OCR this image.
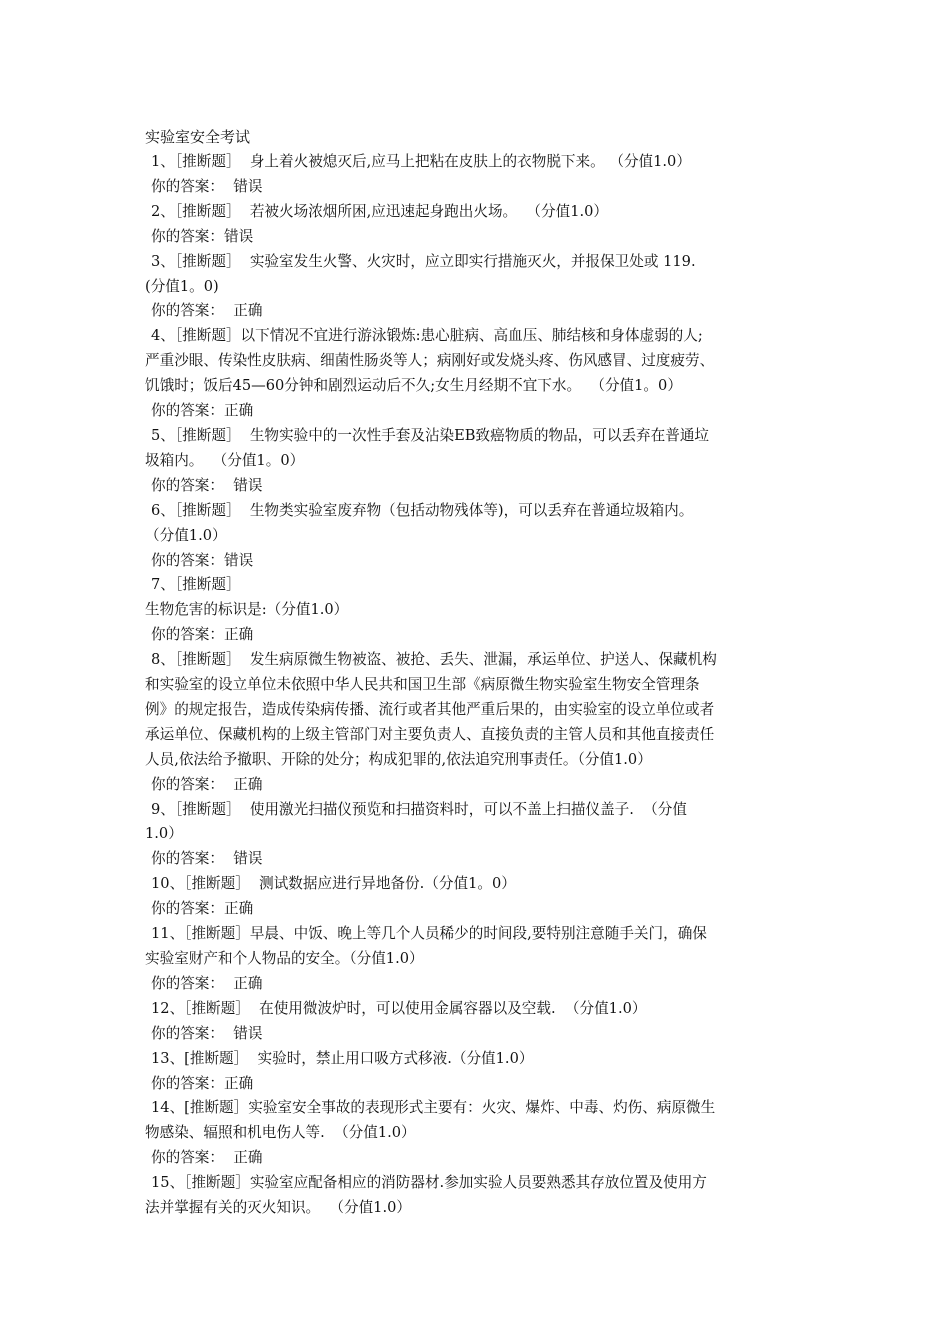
实验室安全考试

1、［推断题］  身上着火被熄灭后,应马上把粘在皮肤上的衣物脱下来。 （分值1.0）

你的答案：  错误

2、［推断题］  若被火场浓烟所困,应迅速起身跑出火场。  （分值1.0）

你的答案：错误

3、［推断题］  实验室发生火警、火灾时，应立即实行措施灭火，并报保卫处或 119.

(分值1。0)

你的答案：  正确

4、［推断题］以下情况不宜进行游泳锻炼:患心脏病、高血压、肺结核和身体虚弱的人;

严重沙眼、传染性皮肤病、细菌性肠炎等人；病刚好或发烧头疼、伤风感冒、过度疲劳、

饥饿时；饭后45—60分钟和剧烈运动后不久;女生月经期不宜下水。  （分值1。0）

你的答案：正确

5、［推断题］  生物实验中的一次性手套及沾染EB致癌物质的物品，可以丢弃在普通垃

圾箱内。  （分值1。0）

你的答案：  错误

6、［推断题］  生物类实验室废弃物（包括动物残体等)，可以丢弃在普通垃圾箱内。

（分值1.0）

你的答案：错误

7、［推断题］

生物危害的标识是:（分值1.0）

你的答案：正确

8、［推断题］  发生病原微生物被盗、被抢、丢失、泄漏，承运单位、护送人、保藏机构

和实验室的设立单位未依照中华人民共和国卫生部《病原微生物实验室生物安全管理条

例》的规定报告，造成传染病传播、流行或者其他严重后果的，由实验室的设立单位或者

承运单位、保藏机构的上级主管部门对主要负责人、直接负责的主管人员和其他直接责任

人员,依法给予撤职、开除的处分；构成犯罪的,依法追究刑事责任。（分值1.0）

你的答案：  正确

9、［推断题］  使用激光扫描仪预览和扫描资料时，可以不盖上扫描仪盖子.  （分值

1.0）

你的答案：  错误

10、［推断题］  测试数据应进行异地备份.（分值1。0）

你的答案：正确

11、［推断题］早晨、中饭、晚上等几个人员稀少的时间段,要特别注意随手关门，确保

实验室财产和个人物品的安全。（分值1.0）

你的答案：  正确

12、［推断题］  在使用微波炉时，可以使用金属容器以及空载.  （分值1.0）

你的答案：  错误

13、[推断题］  实验时，禁止用口吸方式移液.（分值1.0）

你的答案：正确

14、[推断题］实验室安全事故的表现形式主要有：火灾、爆炸、中毒、灼伤、病原微生

物感染、辐照和机电伤人等.  （分值1.0）

你的答案：  正确

15、［推断题］实验室应配备相应的消防器材.参加实验人员要熟悉其存放位置及使用方

法并掌握有关的灭火知识。  （分值1.0）
